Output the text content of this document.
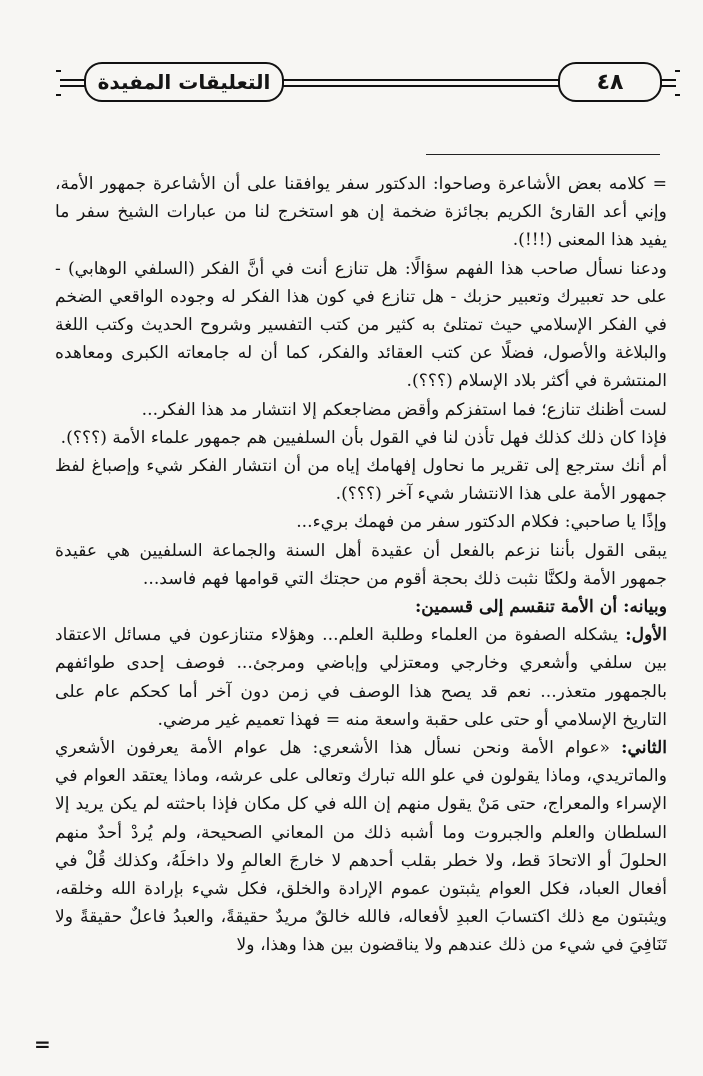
التعليقات المفيدة	٤٨

= كلامه بعض الأشاعرة وصاحوا: الدكتور سفر يوافقنا على أن الأشاعرة جمهور الأمة، وإني أعد القارئ الكريم بجائزة ضخمة إن هو استخرج لنا من عبارات الشيخ سفر ما يفيد هذا المعنى (!!!).

ودعنا نسأل صاحب هذا الفهم سؤالًا: هل تنازع أنت في أنَّ الفكر (السلفي الوهابي) - على حد تعبيرك وتعبير حزبك - هل تنازع في كون هذا الفكر له وجوده الواقعي الضخم في الفكر الإسلامي حيث تمتلئ به كثير من كتب التفسير وشروح الحديث وكتب اللغة والبلاغة والأصول، فضلًا عن كتب العقائد والفكر، كما أن له جامعاته الكبرى ومعاهده المنتشرة في أكثر بلاد الإسلام (؟؟؟).

لست أظنك تنازع؛ فما استفزكم وأقض مضاجعكم إلا انتشار مد هذا الفكر...

فإذا كان ذلك كذلك فهل تأذن لنا في القول بأن السلفيين هم جمهور علماء الأمة (؟؟؟).

أم أنك سترجع إلى تقرير ما نحاول إفهامك إياه من أن انتشار الفكر شيء وإصباغ لفظ جمهور الأمة على هذا الانتشار شيء آخر (؟؟؟).

وإذًا يا صاحبي: فكلام الدكتور سفر من فهمك بريء...

يبقى القول بأننا نزعم بالفعل أن عقيدة أهل السنة والجماعة السلفيين هي عقيدة جمهور الأمة ولكنَّا نثبت ذلك بحجة أقوم من حجتك التي قوامها فهم فاسد...

وبيانه: أن الأمة تنقسم إلى قسمين:

الأول: يشكله الصفوة من العلماء وطلبة العلم... وهؤلاء متنازعون في مسائل الاعتقاد بين سلفي وأشعري وخارجي ومعتزلي وإباضي ومرجئ... فوصف إحدى طوائفهم بالجمهور متعذر... نعم قد يصح هذا الوصف في زمن دون آخر أما كحكم عام على التاريخ الإسلامي أو حتى على حقبة واسعة منه = فهذا تعميم غير مرضي.

الثاني: «عوام الأمة ونحن نسأل هذا الأشعري: هل عوام الأمة يعرفون الأشعري والماتريدي، وماذا يقولون في علو الله تبارك وتعالى على عرشه، وماذا يعتقد العوام في الإسراء والمعراج، حتى مَنْ يقول منهم إن الله في كل مكان فإذا باحثته لم يكن يريد إلا السلطان والعلم والجبروت وما أشبه ذلك من المعاني الصحيحة، ولم يُردْ أحدٌ منهم الحلولَ أو الاتحادَ قط، ولا خطر بقلب أحدهم لا خارجَ العالمِ ولا داخلَهُ، وكذلك قُلْ في أفعال العباد، فكل العوام يثبتون عموم الإرادة والخلق، فكل شيء بإرادة الله وخلقه، ويثبتون مع ذلك اكتسابَ العبدِ لأفعاله، فالله خالقٌ مريدٌ حقيقةً، والعبدُ فاعلٌ حقيقةً ولا تَنَافِيَ في شيء من ذلك عندهم ولا يناقضون بين هذا وهذا، ولا

=
